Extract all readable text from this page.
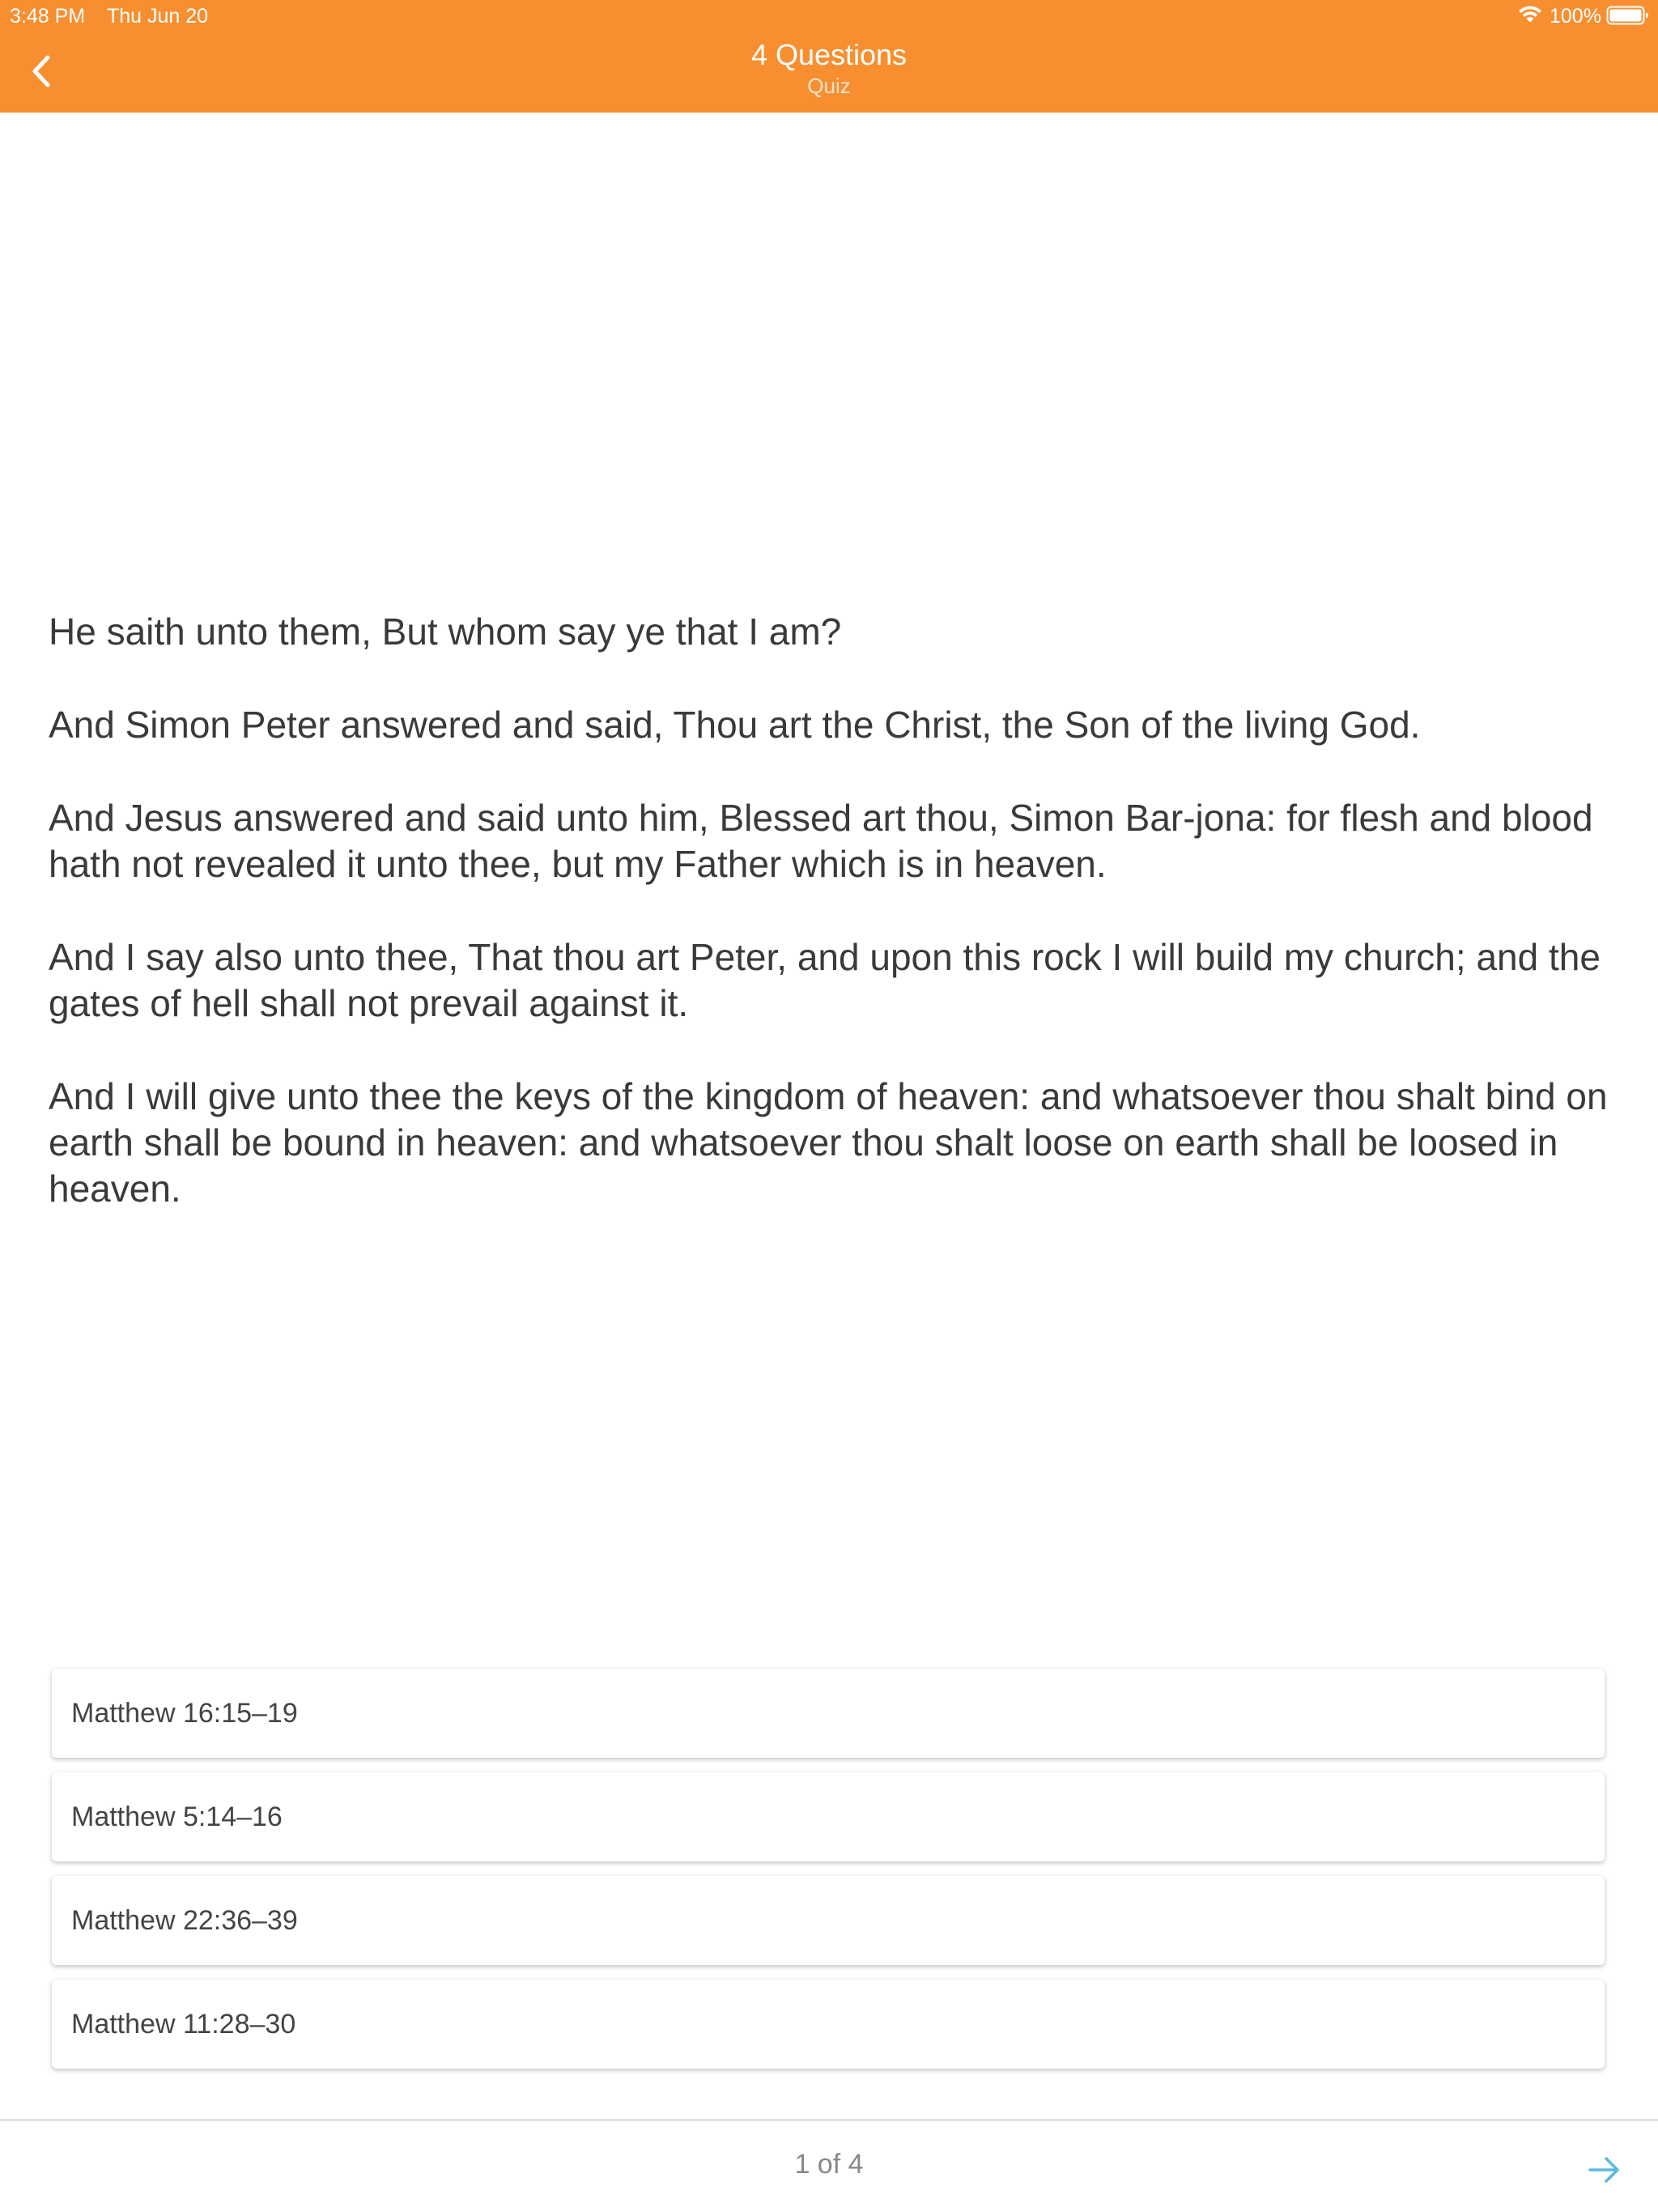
3:48 PM Thu Jun 20	100%
4 Questions
Quiz

He saith unto them, But whom say ye that I am?

And Simon Peter answered and said, Thou art the Christ, the Son of the living God.

And Jesus answered and said unto him, Blessed art thou, Simon Bar-jona: for flesh and blood hath not revealed it unto thee, but my Father which is in heaven.

And I say also unto thee, That thou art Peter, and upon this rock I will build my church; and the gates of hell shall not prevail against it.

And I will give unto thee the keys of the kingdom of heaven: and whatsoever thou shalt bind on earth shall be bound in heaven: and whatsoever thou shalt loose on earth shall be loosed in heaven.

Matthew 16:15–19
Matthew 5:14–16
Matthew 22:36–39
Matthew 11:28–30
1 of 4
